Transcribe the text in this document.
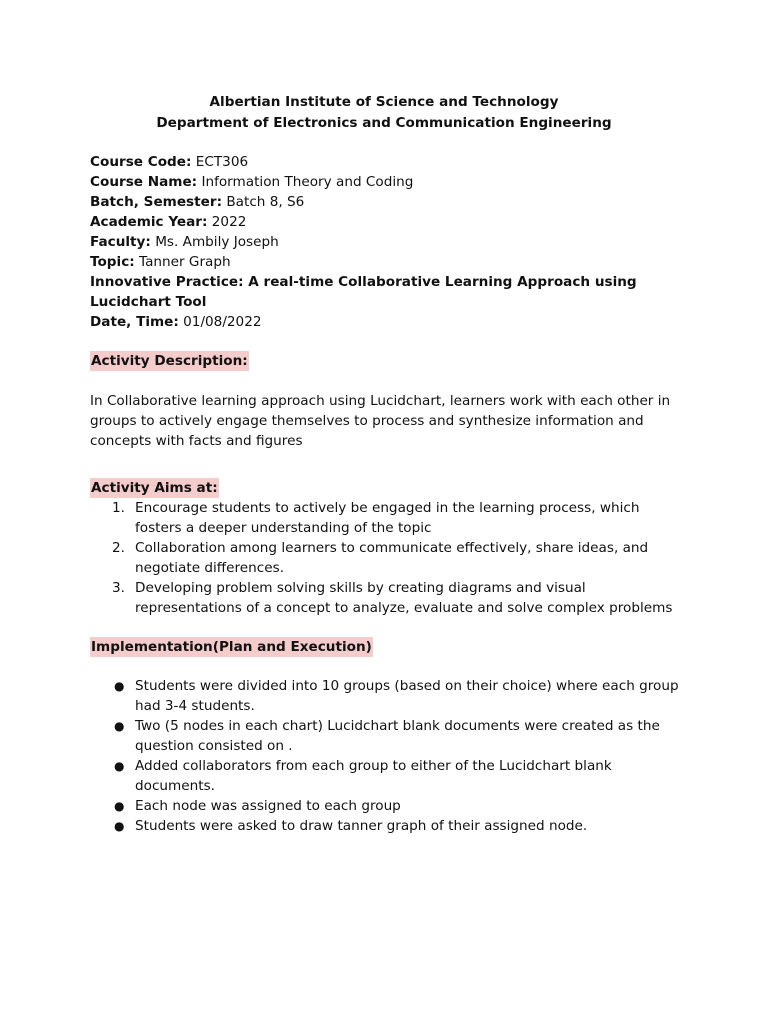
Albertian Institute of Science and Technology
Department of Electronics and Communication Engineering
Course Code: ECT306
Course Name: Information Theory and Coding
Batch, Semester: Batch 8, S6
Academic Year: 2022
Faculty: Ms. Ambily Joseph
Topic: Tanner Graph
Innovative Practice: A real-time Collaborative Learning Approach using Lucidchart Tool
Date, Time: 01/08/2022
Activity Description:

In Collaborative learning approach using Lucidchart, learners work with each other in groups to actively engage themselves to process and synthesize information and concepts with facts and figures

Activity Aims at:
1. Encourage students to actively be engaged in the learning process, which fosters a deeper understanding of the topic
2. Collaboration among learners to communicate effectively, share ideas, and negotiate differences.
3. Developing problem solving skills by creating diagrams and visual representations of a concept to analyze, evaluate and solve complex problems
Implementation(Plan and Execution)
● Students were divided into 10 groups (based on their choice) where each group had 3-4 students.
● Two (5 nodes in each chart) Lucidchart blank documents were created as the question consisted on .
● Added collaborators from each group to either of the Lucidchart blank documents.
● Each node was assigned to each group
● Students were asked to draw tanner graph of their assigned node.
